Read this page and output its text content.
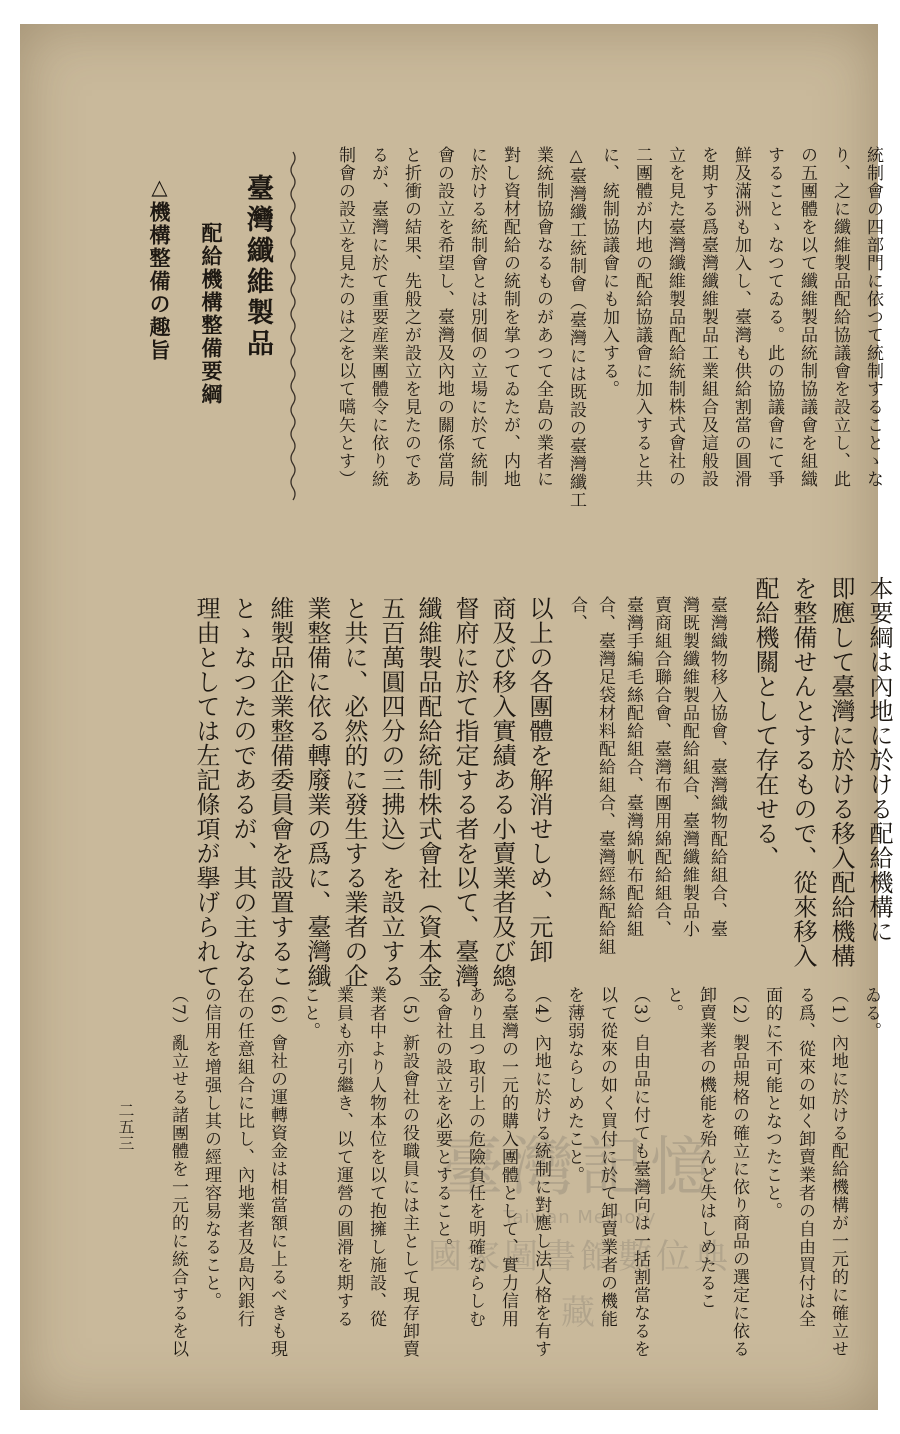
統制會の四部門に依つて統制することゝな
り、之に纖維製品配給協議會を設立し、此
の五團體を以て纖維製品統制協議會を組織
することゝなつてゐる。此の協議會にて爭
鮮及滿洲も加入し、臺灣も供給割當の圓滑
を期する爲臺灣纖維製品工業組合及這般設
立を見た臺灣纖維製品配給統制株式會社の
二團體が内地の配給協議會に加入すると共
に、統制協議會にも加入する。
△臺灣纖工統制會（臺灣には既設の臺灣纖工
業統制協會なるものがあつて全島の業者に
對し資材配給の統制を掌つてゐたが、内地
に於ける統制會とは別個の立場に於て統制
會の設立を希望し、臺灣及內地の關係當局
と折衝の結果、先般之が設立を見たのであ
るが、臺灣に於て重要産業團體令に依り統
制會の設立を見たのは之を以て嚆矢とす）
臺灣纖維製品
配給機構整備要綱
△機構整備の趣旨
本要綱は內地に於ける配給機構に
即應して臺灣に於ける移入配給機構
を整備せんとするもので、從來移入
配給機關として存在せる、
臺灣織物移入協會、臺灣織物配給組合、臺
灣既製纖維製品配給組合、臺灣纖維製品小
賣商組合聯合會、臺灣布團用綿配給組合、
臺灣手編毛絲配給組合、臺灣綿帆布配給組
合、臺灣足袋材料配給組合、臺灣經絲配給組
合、
以上の各團體を解消せしめ、元卸
商及び移入實績ある小賣業者及び總
督府に於て指定する者を以て、臺灣
纖維製品配給統制株式會社（資本金
五百萬圓四分の三拂込）を設立する
と共に、必然的に發生する業者の企
業整備に依る轉廢業の爲に、臺灣纖
維製品企業整備委員會を設置するこ
とゝなつたのであるが、其の主なる
理由としては左記條項が擧げられて
ゐる。
（1）內地に於ける配給機構が一元的に確立せ
る爲、從來の如く卸賣業者の自由買付は全
面的に不可能となつたこと。
（2）製品規格の確立に依り商品の選定に依る
卸賣業者の機能を殆んど失はしめたるこ
と。
（3）自由品に付ても臺灣向は一括割當なるを
以て從來の如く買付に於て卸賣業者の機能
を薄弱ならしめたこと。
（4）內地に於ける統制に對應し法人格を有す
る臺灣の一元的購入團體として、實力信用
あり且つ取引上の危險負任を明確ならしむ
る會社の設立を必要とすること。
（5）新設會社の役職員には主として現存卸賣
業者中より人物本位を以て抱擁し施設、從
業員も亦引繼き、以て運營の圓滑を期する
こと。
（6）會社の運轉資金は相當額に上るべきも現
在の任意組合に比し、內地業者及島內銀行
の信用を增强し其の經理容易なること。
（7）亂立せる諸團體を一元的に統合するを以
二五三
臺灣記憶
Taiwan Memory
國家圖書館數位典藏
